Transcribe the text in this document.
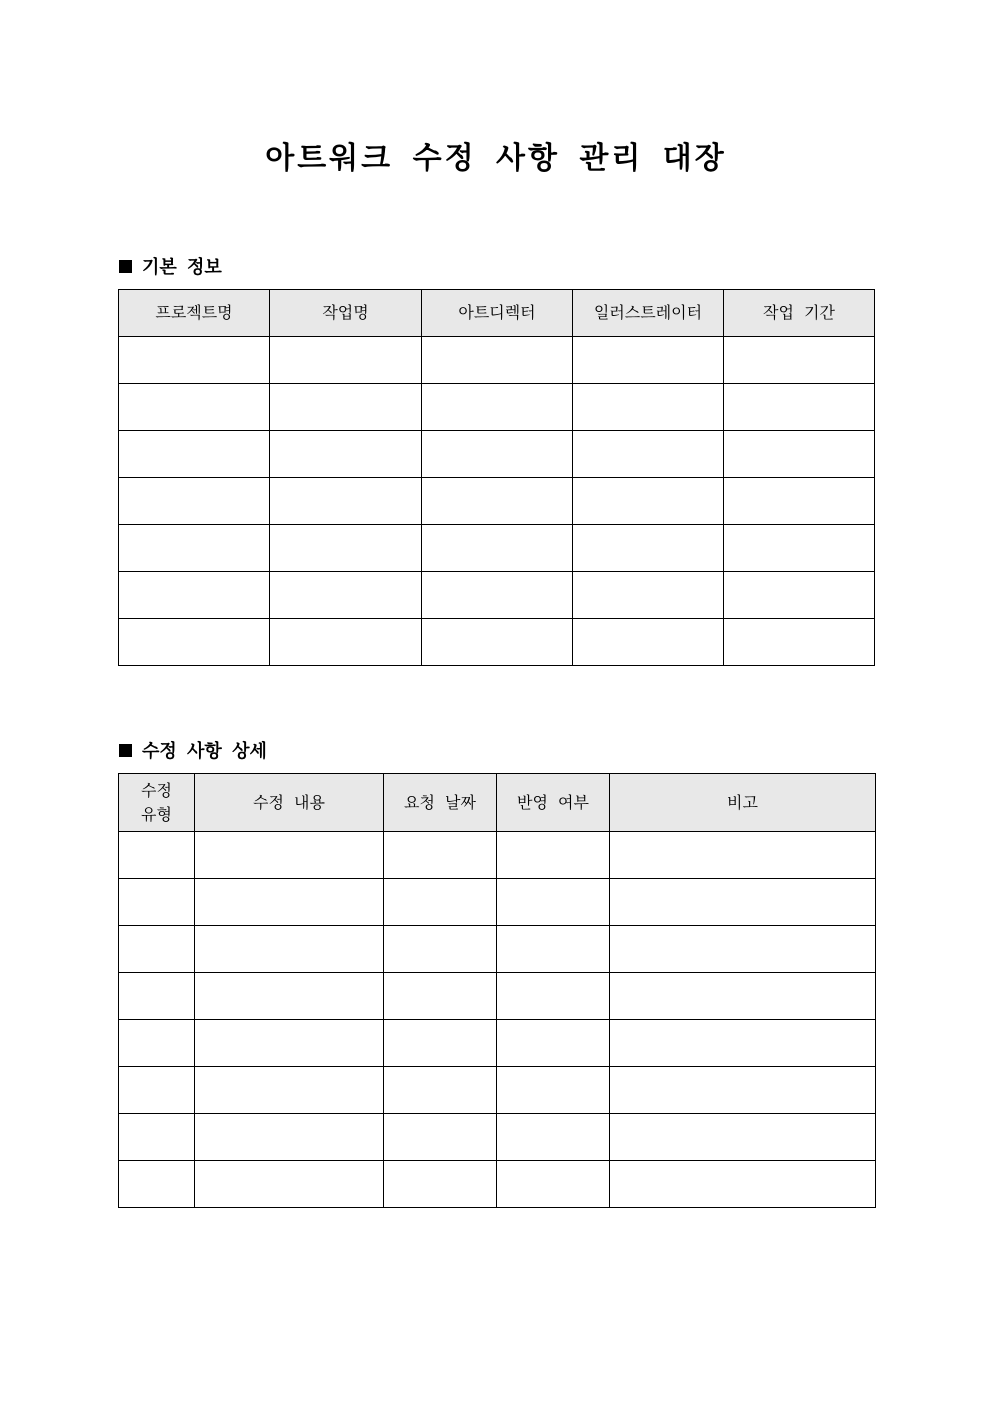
아트워크 수정 사항 관리 대장
기본 정보
프로젝트명	작업명	아트디렉터	일러스트레이터	작업 기간

수정 사항 상세
수정
유형	수정 내용	요청 날짜	반영 여부	비고
